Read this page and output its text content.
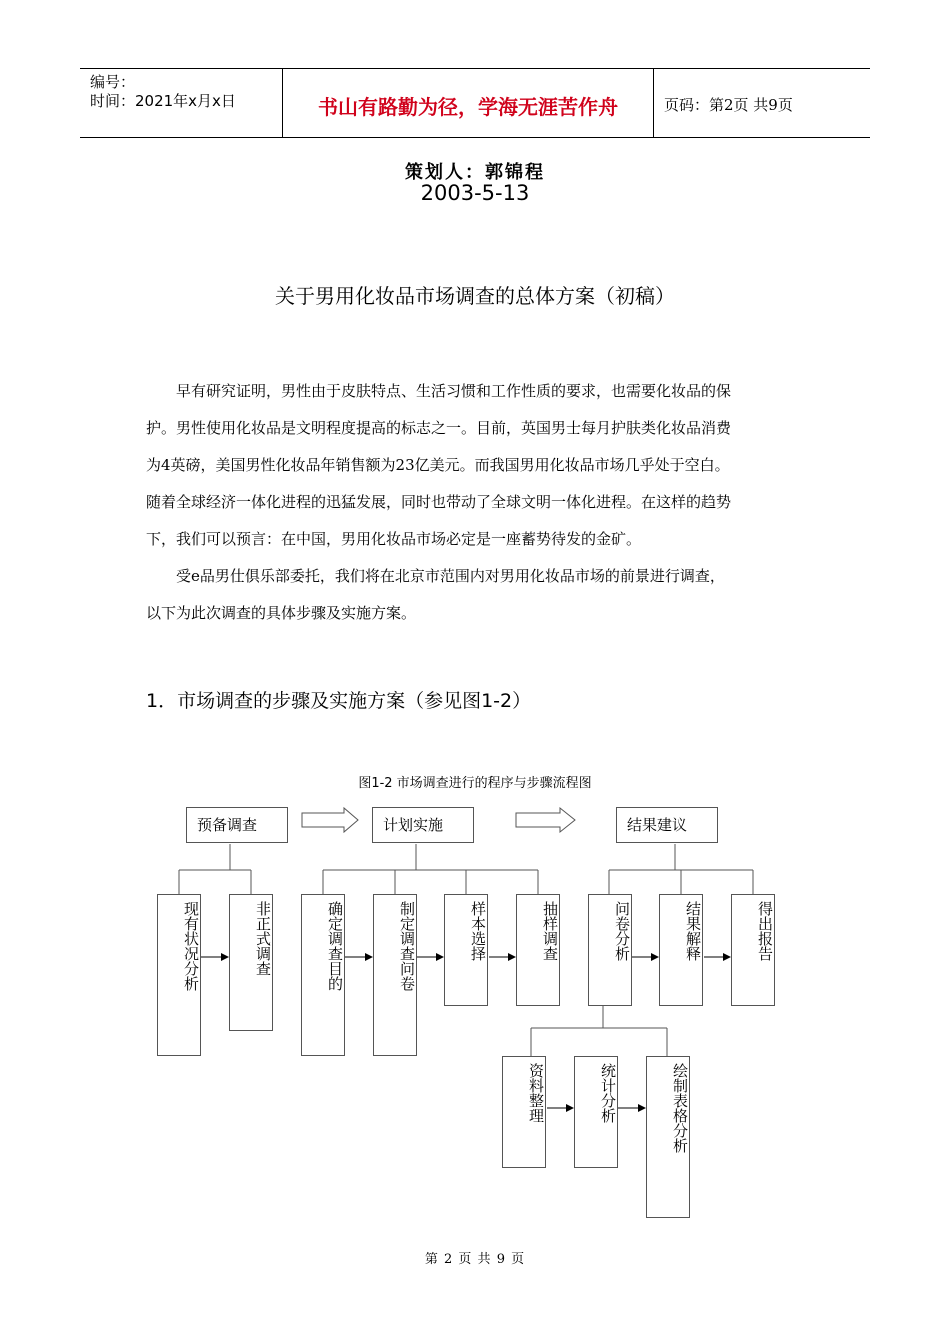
编号：
时间：2021年x月x日	书山有路勤为径，学海无涯苦作舟	页码：第2页 共9页
策划人：郭锦程
2003-5-13
关于男用化妆品市场调查的总体方案（初稿）
　　早有研究证明，男性由于皮肤特点、生活习惯和工作性质的要求，也需要化妆品的保
护。男性使用化妆品是文明程度提高的标志之一。目前，英国男士每月护肤类化妆品消费
为4英磅，美国男性化妆品年销售额为23亿美元。而我国男用化妆品市场几乎处于空白。
随着全球经济一体化进程的迅猛发展，同时也带动了全球文明一体化进程。在这样的趋势
下，我们可以预言：在中国，男用化妆品市场必定是一座蓄势待发的金矿。
　　受e品男仕俱乐部委托，我们将在北京市范围内对男用化妆品市场的前景进行调查，
以下为此次调查的具体步骤及实施方案。
1．市场调查的步骤及实施方案（参见图1-2）
图1-2 市场调查进行的程序与步骤流程图
预备调查	计划实施	结果建议
现有状况分析	非正式调查	确定调查目的	制定调查问卷	样本选择	抽样调查	问卷分析	结果解释	得出报告
资料整理	统计分析	绘制表格分析
第 2 页 共 9 页
